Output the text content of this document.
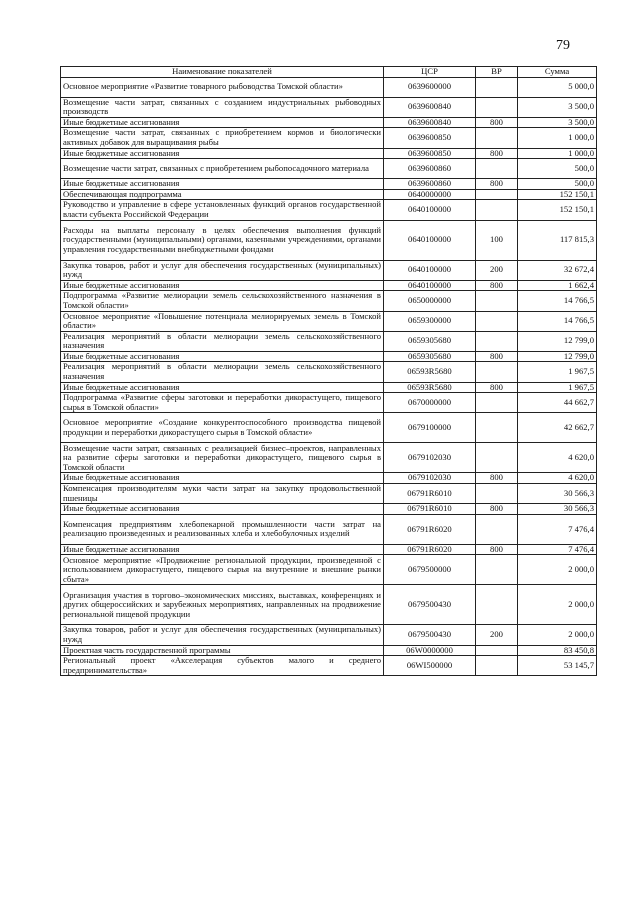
79
Наименование показателей	ЦСР	ВР	Сумма
Основное мероприятие «Развитие товарного рыбоводства Томской области»	0639600000		5 000,0
Возмещение части затрат, связанных с созданием индустриальных рыбоводных производств	0639600840		3 500,0
Иные бюджетные ассигнования	0639600840	800	3 500,0
Возмещение части затрат, связанных с приобретением кормов и биологически активных добавок для выращивания рыбы	0639600850		1 000,0
Иные бюджетные ассигнования	0639600850	800	1 000,0
Возмещение части затрат, связанных с приобретением рыбопосадочного материала	0639600860		500,0
Иные бюджетные ассигнования	0639600860	800	500,0
Обеспечивающая подпрограмма	0640000000		152 150,1
Руководство и управление в сфере установленных функций органов государственной власти субъекта Российской Федерации	0640100000		152 150,1
Расходы на выплаты персоналу в целях обеспечения выполнения функций государственными (муниципальными) органами, казенными учреждениями, органами управления государственными внебюджетными фондами	0640100000	100	117 815,3
Закупка товаров, работ и услуг для обеспечения государственных (муниципальных) нужд	0640100000	200	32 672,4
Иные бюджетные ассигнования	0640100000	800	1 662,4
Подпрограмма «Развитие мелиорации земель сельскохозяйственного назначения в Томской области»	0650000000		14 766,5
Основное мероприятие «Повышение потенциала мелиорируемых земель в Томской области»	0659300000		14 766,5
Реализация мероприятий в области мелиорации земель сельскохозяйственного назначения	0659305680		12 799,0
Иные бюджетные ассигнования	0659305680	800	12 799,0
Реализация мероприятий в области мелиорации земель сельскохозяйственного назначения	06593R5680		1 967,5
Иные бюджетные ассигнования	06593R5680	800	1 967,5
Подпрограмма «Развитие сферы заготовки и переработки дикорастущего, пищевого сырья в Томской области»	0670000000		44 662,7
Основное мероприятие «Создание конкурентоспособного производства пищевой продукции и переработки дикорастущего сырья в Томской области»	0679100000		42 662,7
Возмещение части затрат, связанных с реализацией бизнес–проектов, направленных на развитие сферы заготовки и переработки дикорастущего, пищевого сырья в Томской области	0679102030		4 620,0
Иные бюджетные ассигнования	0679102030	800	4 620,0
Компенсация производителям муки части затрат на закупку продовольственной пшеницы	06791R6010		30 566,3
Иные бюджетные ассигнования	06791R6010	800	30 566,3
Компенсация предприятиям хлебопекарной промышленности части затрат на реализацию произведенных и реализованных хлеба и хлебобулочных изделий	06791R6020		7 476,4
Иные бюджетные ассигнования	06791R6020	800	7 476,4
Основное мероприятие «Продвижение региональной продукции, произведенной с использованием дикорастущего, пищевого сырья на внутренние и внешние рынки сбыта»	0679500000		2 000,0
Организация участия в торгово–экономических миссиях, выставках, конференциях и других общероссийских и зарубежных мероприятиях, направленных на продвижение региональной пищевой продукции	0679500430		2 000,0
Закупка товаров, работ и услуг для обеспечения государственных (муниципальных) нужд	0679500430	200	2 000,0
Проектная часть государственной программы	06W0000000		83 450,8
Региональный проект «Акселерация субъектов малого и среднего предпринимательства»	06WI500000		53 145,7
